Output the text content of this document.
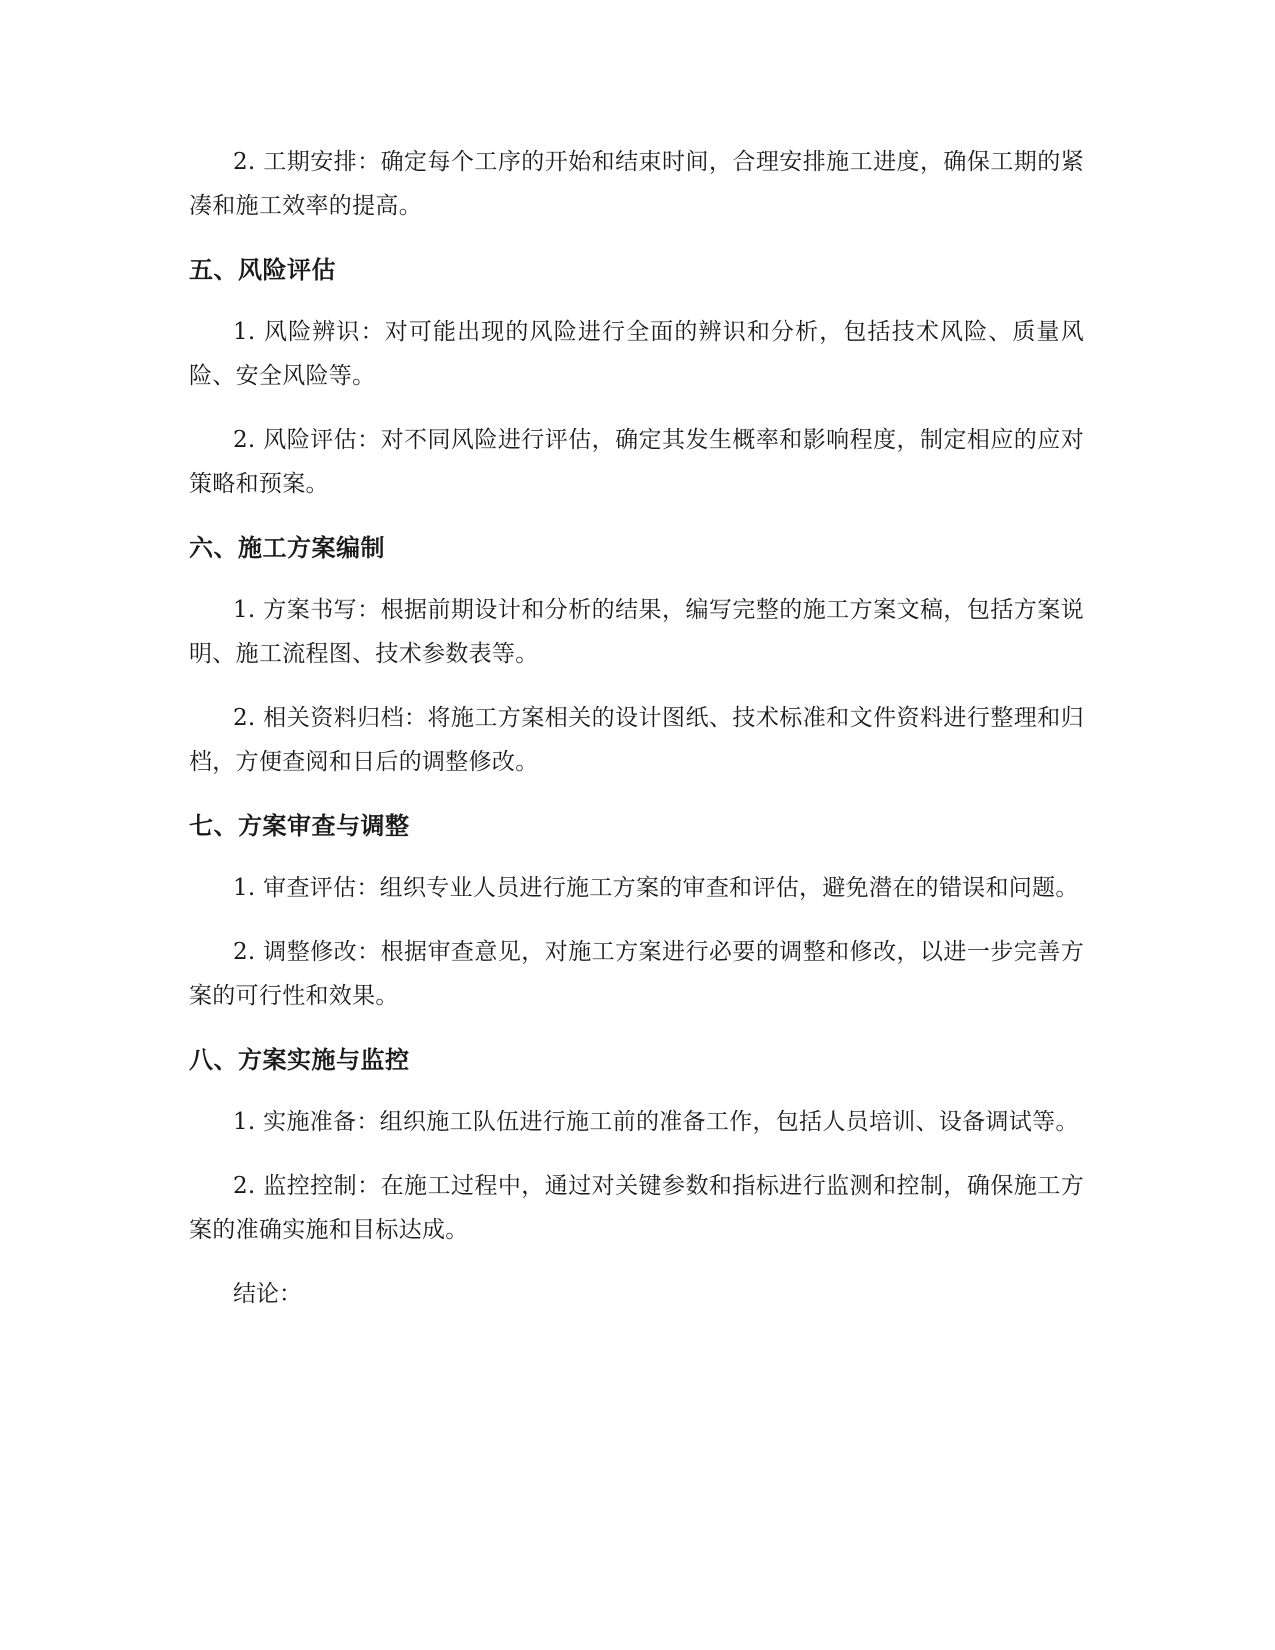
2. 工期安排：确定每个工序的开始和结束时间，合理安排施工进度，确保工期的紧凑和施工效率的提高。

五、风险评估

1. 风险辨识：对可能出现的风险进行全面的辨识和分析，包括技术风险、质量风险、安全风险等。

2. 风险评估：对不同风险进行评估，确定其发生概率和影响程度，制定相应的应对策略和预案。

六、施工方案编制

1. 方案书写：根据前期设计和分析的结果，编写完整的施工方案文稿，包括方案说明、施工流程图、技术参数表等。

2. 相关资料归档：将施工方案相关的设计图纸、技术标准和文件资料进行整理和归档，方便查阅和日后的调整修改。

七、方案审查与调整

1. 审查评估：组织专业人员进行施工方案的审查和评估，避免潜在的错误和问题。

2. 调整修改：根据审查意见，对施工方案进行必要的调整和修改，以进一步完善方案的可行性和效果。

八、方案实施与监控

1. 实施准备：组织施工队伍进行施工前的准备工作，包括人员培训、设备调试等。

2. 监控控制：在施工过程中，通过对关键参数和指标进行监测和控制，确保施工方案的准确实施和目标达成。

结论：
